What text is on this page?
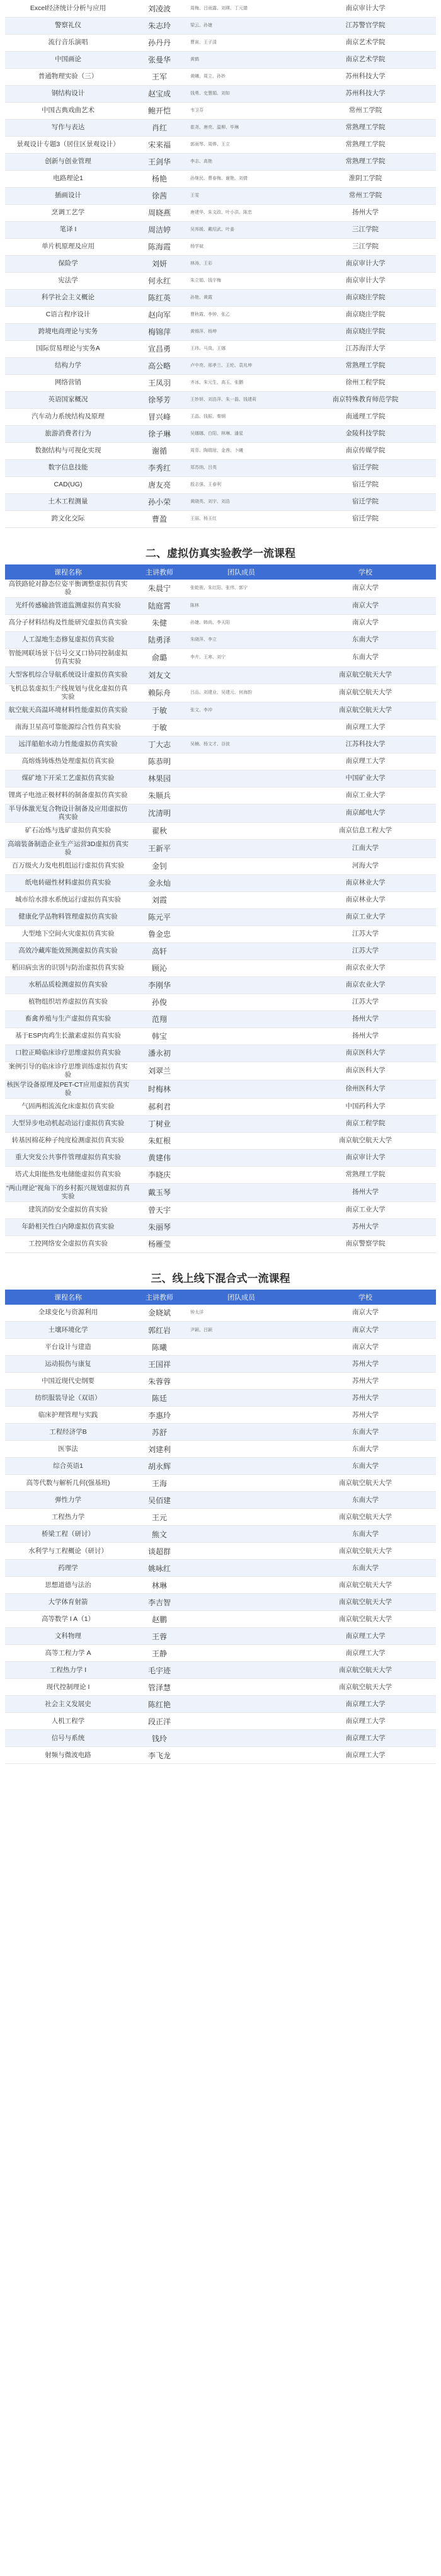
Excel经济统计分析与应用	刘凌波	周梅、吕雨露、刘瑛、丁元婧	南京审计大学
警察礼仪	朱志玲	梁云、孙婕	江苏警官学院
流行音乐演唱	孙丹丹	曹寅、王子清	南京艺术学院
中国画论	张曼华	黄鹤	南京艺术学院
普通物理实验（三）	王军	黄曦、周立、孙妙	苏州科技大学
钢结构设计	赵宝成	钱勇、史慧娟、刘如	苏州科技大学
中国古典戏曲艺术	鲍开恺	韦卫芬	常州工学院
写作与表达	肖红	崔尧、唐亮、温柳、毕琳	常熟理工学院
景观设计专题3（居住区景观设计）	宋来福	郭雨琴、周烨、王立	常熟理工学院
创新与创业管理	王剑华	李志、高艳	常熟理工学院
电路理论1	杨艳	孙继民、曹春梅、谢艳、刘倩	淮阴工学院
插画设计	徐茜	王雯	常州工学院
烹调工艺学	周晓燕	唐建华、朱文政、叶小洪、陈忠	扬州大学
笔译 I	周洁婷	吴邦媛、戴绍武、叶姜	三江学院
单片机原理及应用	陈海霞	杨学斌	三江学院
保险学	刘妍	林涛、王彩	南京审计大学
宪法学	何永红	朱立娟、钱宇梅	南京审计大学
科学社会主义概论	陈红英	孙艳、黄霞	南京晓庄学院
C语言程序设计	赵向军	曹秋霞、李钟、张乙	南京晓庄学院
跨境电商理论与实务	梅锦萍	黄锡萍、杨坤	南京晓庄学院
国际贸易理论与实务A	宣昌勇	王玮、马岚、王娜	江苏海洋大学
结构力学	高公略	卢中亮、邢孝兰、王纶、袁兆坤	常熟理工学院
网络营销	王凤羽	齐冰、朱元生、高玉、张鹏	徐州工程学院
英语国家概况	徐琴芳	王妙妍、刘浩萍、朱一磊、钱建莉	南京特殊教育师范学院
汽车动力系统结构及原理	冒兴峰	王晶、钱振、秦钢	南通理工学院
旅游消费者行为	徐子琳	吴娜娜、白阳、林琳、潘星	金陵科技学院
数据结构与可视化实现	谢循	周菲、陶瑞琼、金茜、卜曦	南京传媒学院
数字信息技能	李秀红	郑苏纳、吕英	宿迁学院
CAD(UG)	唐友亮	殷志强、王春利	宿迁学院
土木工程测量	孙小荣	黄晓英、刘宇、刘浩	宿迁学院
跨文化交际	曹盈	王丽、杨玉红	宿迁学院
二、虚拟仿真实验教学一流课程
课程名称	主讲教师	团队成员	学校
高铁路轮对静态位姿平衡调整虚拟仿真实验	朱晨宁	张乾骏、朱红阳、张伟、郭宁	南京大学
光纤传感输油管道监测虚拟仿真实验	陆庭霄	陈林	南京大学
高分子材料结构及性能研究虚拟仿真实验	朱健	孙婕、韩尚、李天阳	南京大学
人工湿地生态修复虚拟仿真实验	陆勇泽	朱晓萍、李立	东南大学
智能网联场景下信号交叉口协同控制虚拟仿真实验	俞璐	李卉、王寒、刘宁	东南大学
大型客机综合导航系统设计虚拟仿真实验	刘友文		南京航空航天大学
飞机总装虚拟生产线规划与优化虚拟仿真实验	赖际舟	吕品、刘建业、吴建元、何海韵	南京航空航天大学
航空航天高温环境材料性能虚拟仿真实验	于敏	张文、李冲	南京航空航天大学
南海卫星高可靠能源综合性仿真实验	于敏		南京理工大学
远洋船舶水动力性能虚拟仿真实验	丁大志	吴楠、杨文才、谷波	江苏科技大学
高熔炼铸炼热处理虚拟仿真实验	陈恭明		南京理工大学
煤矿地下开采工艺虚拟仿真实验	林果园		中国矿业大学
锂离子电池正极材料的制备虚拟仿真实验	朱顺兵		南京工业大学
半导体激光复合物设计制备及应用虚拟仿真实验	沈清明		南京邮电大学
矿石冶炼与选矿虚拟仿真实验	翟秋		南京信息工程大学
高端装备制造企业生产运营3D虚拟仿真实验	王新平		江南大学
百万级火力发电机组运行虚拟仿真实验	金钊		河海大学
纸电转磁性材料虚拟仿真实验	金永灿		南京林业大学
城市给水排水系统运行虚拟仿真实验	刘霞		南京林业大学
健康化学品物料管理虚拟仿真实验	陈元平		南京工业大学
大型地下空间火灾虚拟仿真实验	鲁金忠		江苏大学
高效冷藏库能效预测虚拟仿真实验	高轩		江苏大学
稻田病虫害的识别与防治虚拟仿真实验	顾沁		南京农业大学
水稻品质检测虚拟仿真实验	李刚华		南京农业大学
植物组织培养虚拟仿真实验	孙俊		江苏大学
畜禽养殖与生产虚拟仿真实验	范翔		扬州大学
基于ESP肉鸡生长激素虚拟仿真实验	韩宝		扬州大学
口腔正畸临床诊疗思维虚拟仿真实验	潘永初		南京医科大学
案例引导的临床诊疗思维训练虚拟仿真实验	刘翠兰		南京医科大学
核医学设备原理及PET-CT应用虚拟仿真实验	时梅林		徐州医科大学
气固两相流流化床虚拟仿真实验	郝利君		中国药科大学
大型异步电动机起动运行虚拟仿真实验	丁树业		南京工程学院
转基因棉花种子纯度检测虚拟仿真实验	朱虹根		南京航空航天大学
重大突发公共事件管理虚拟仿真实验	黄建伟		南京审计大学
塔式太阳能热发电储能虚拟仿真实验	李晓庆		常熟理工学院
“两山理论”视角下的乡村振兴规划虚拟仿真实验	戴玉琴		扬州大学
建筑消防安全虚拟仿真实验	曾天宇		南京工业大学
年龄相关性白内障虚拟仿真实验	朱丽琴		苏州大学
工控网络安全虚拟仿真实验	杨雁莹		南京警察学院
三、线上线下混合式一流课程
课程名称	主讲教师	团队成员	学校
全球变化与资源利用	金晓斌	钟太洋	南京大学
土壤环境化学	郭红岩	尹颖、吕颖	南京大学
平台设计与建造	陈曦		南京大学
运动损伤与康复	王国祥		苏州大学
中国近现代史纲要	朱蓉蓉		苏州大学
纺织服装导论（双语）	陈廷		苏州大学
临床护理管理与实践	李惠玲		苏州大学
工程经济学B	苏舒		东南大学
医事法	刘建利		东南大学
综合英语1	胡永辉		东南大学
高等代数与解析几何(强基班)	王海		南京航空航天大学
弹性力学	吴佰建		东南大学
工程热力学	王元		南京航空航天大学
桥梁工程（研讨）	熊文		东南大学
水利学与工程概论（研讨）	谈超群		南京航空航天大学
药理学	姚咏红		东南大学
思想道德与法治	林琳		南京航空航天大学
大学体育射箭	李吉智		南京航空航天大学
高等数学 I A（1）	赵鹏		南京航空航天大学
文科物理	王蓉		南京理工大学
高等工程力学 A	王静		南京理工大学
工程热力学 I	毛宇迹		南京航空航天大学
现代控制理论 I	管泽慧		南京航空航天大学
社会主义发展史	陈红艳		南京理工大学
人机工程学	段正洋		南京理工大学
信号与系统	钱玲		南京理工大学
射频与微波电路	李飞龙		南京理工大学
